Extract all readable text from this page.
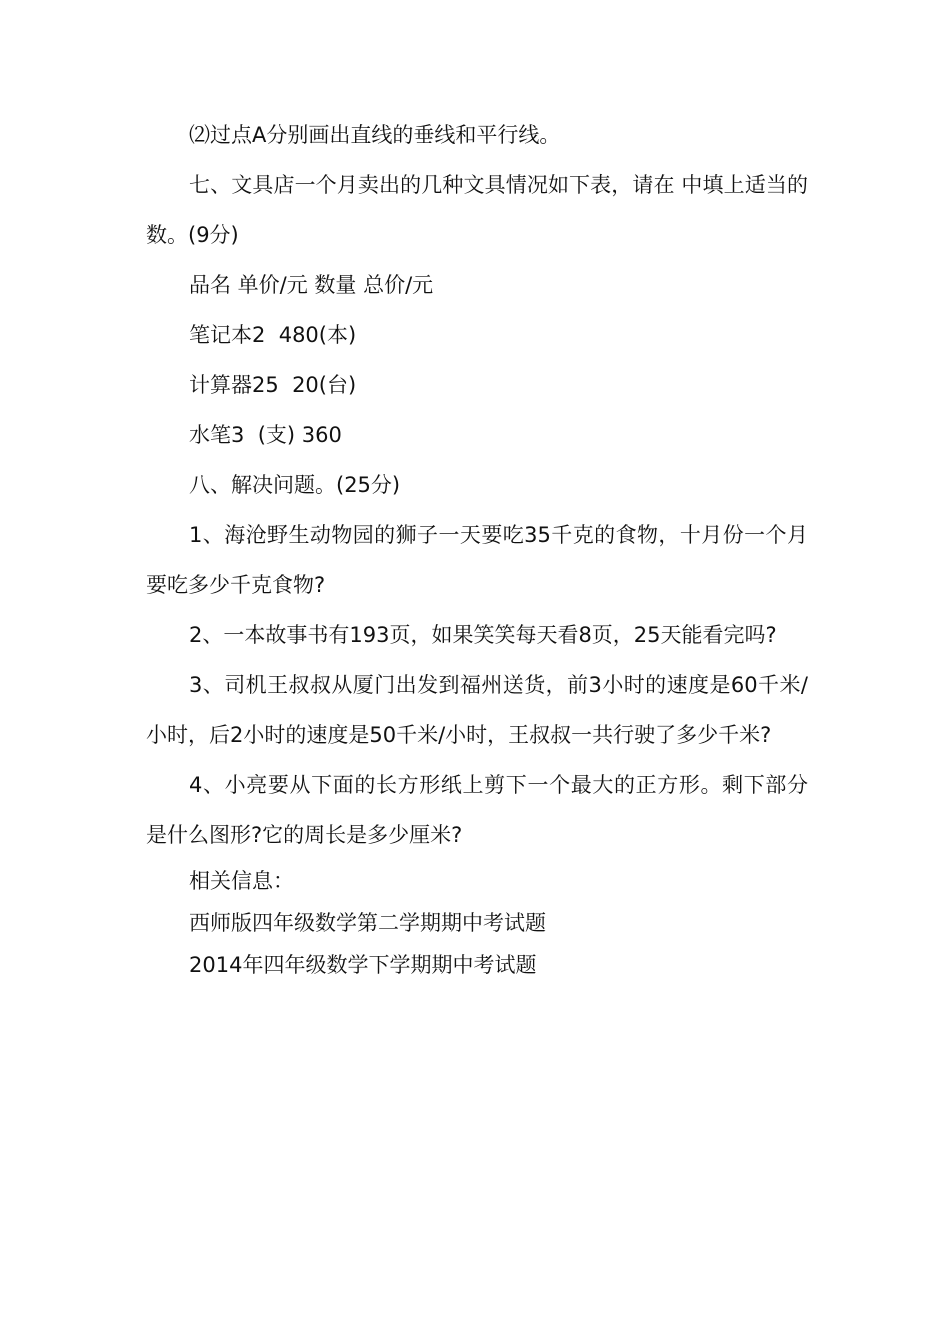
⑵过点A分别画出直线的垂线和平行线。

七、文具店一个月卖出的几种文具情况如下表，请在 中填上适当的数。(9分)

品名 单价/元 数量 总价/元

笔记本2  480(本)

计算器25  20(台)

水笔3  (支) 360

八、解决问题。(25分)

1、海沧野生动物园的狮子一天要吃35千克的食物，十月份一个月要吃多少千克食物?

2、一本故事书有193页，如果笑笑每天看8页，25天能看完吗?

3、司机王叔叔从厦门出发到福州送货，前3小时的速度是60千米/小时，后2小时的速度是50千米/小时，王叔叔一共行驶了多少千米?

4、小亮要从下面的长方形纸上剪下一个最大的正方形。剩下部分是什么图形?它的周长是多少厘米?

相关信息：

西师版四年级数学第二学期期中考试题

2014年四年级数学下学期期中考试题
